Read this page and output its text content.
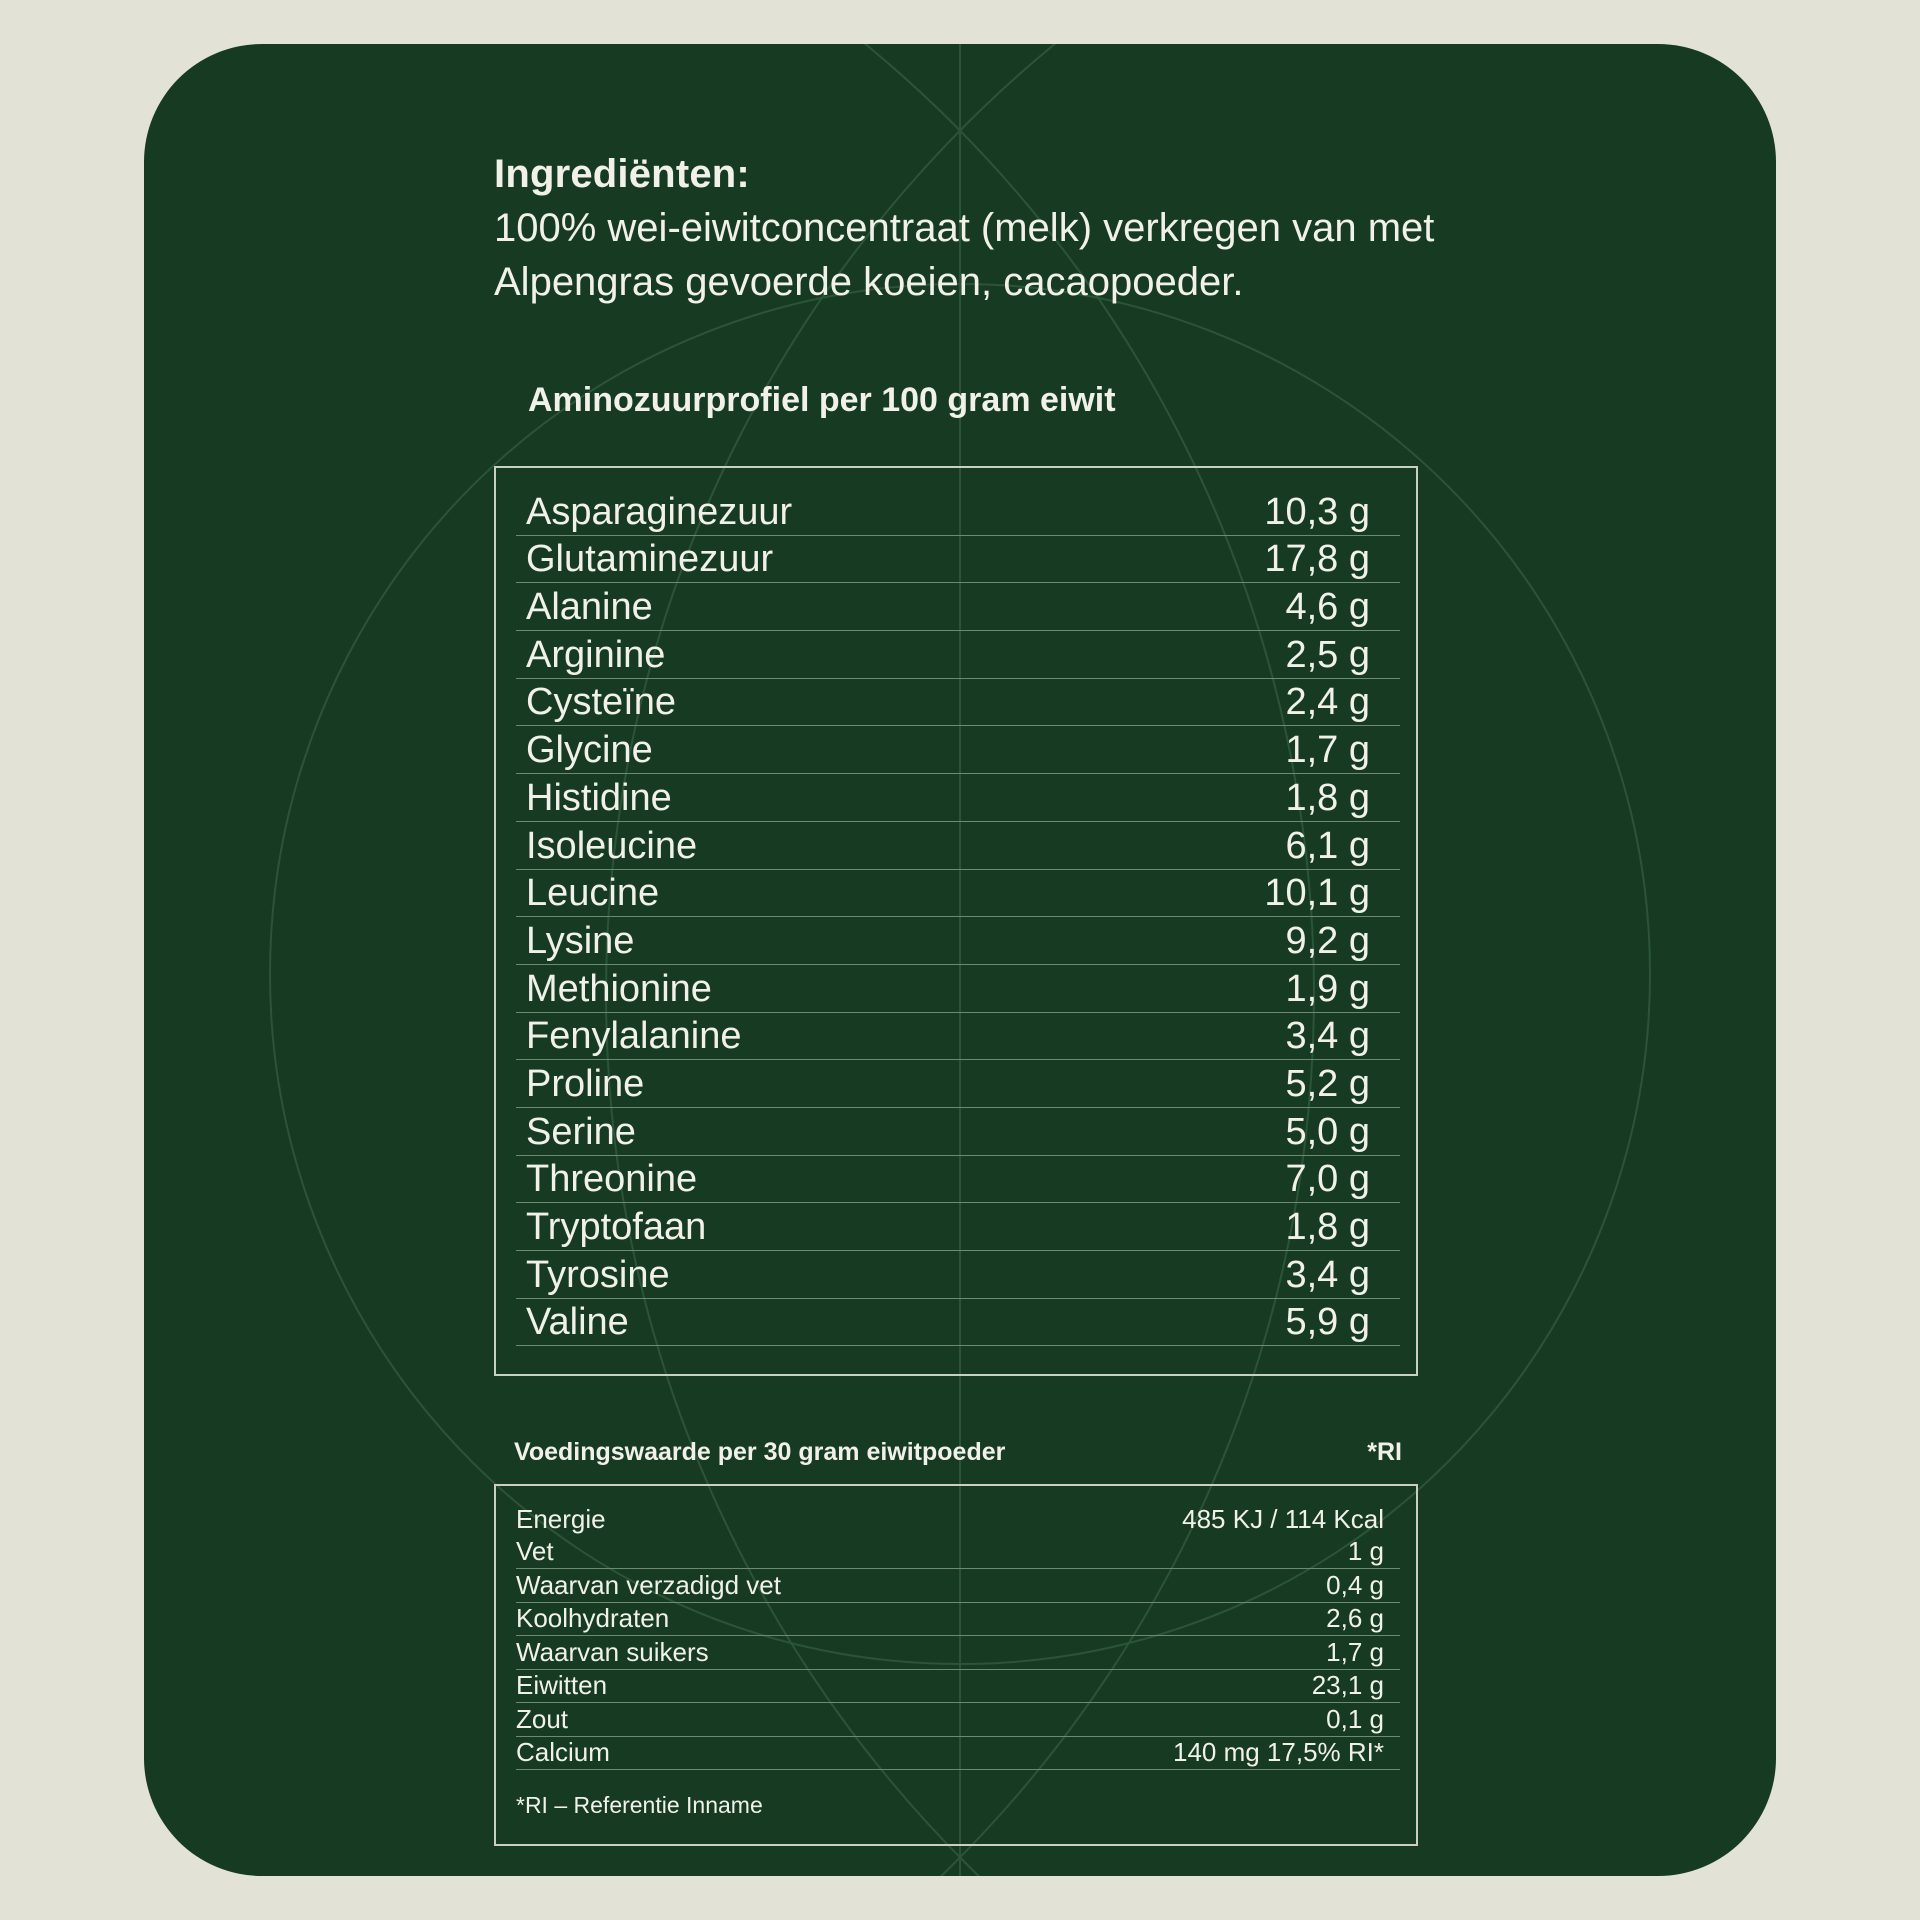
Ingrediënten:
100% wei-eiwitconcentraat (melk) verkregen van met Alpengras gevoerde koeien, cacaopoeder.
Aminozuurprofiel per 100 gram eiwit
Asparaginezuur	10,3 g
Glutaminezuur	17,8 g
Alanine	4,6 g
Arginine	2,5 g
Cysteïne	2,4 g
Glycine	1,7 g
Histidine	1,8 g
Isoleucine	6,1 g
Leucine	10,1 g
Lysine	9,2 g
Methionine	1,9 g
Fenylalanine	3,4 g
Proline	5,2 g
Serine	5,0 g
Threonine	7,0 g
Tryptofaan	1,8 g
Tyrosine	3,4 g
Valine	5,9 g
Voedingswaarde per 30 gram eiwitpoeder	*RI
Energie	485 KJ / 114 Kcal
Vet	1 g
Waarvan verzadigd vet	0,4 g
Koolhydraten	2,6 g
Waarvan suikers	1,7 g
Eiwitten	23,1 g
Zout	0,1 g
Calcium	140 mg 17,5% RI*
*RI – Referentie Inname
